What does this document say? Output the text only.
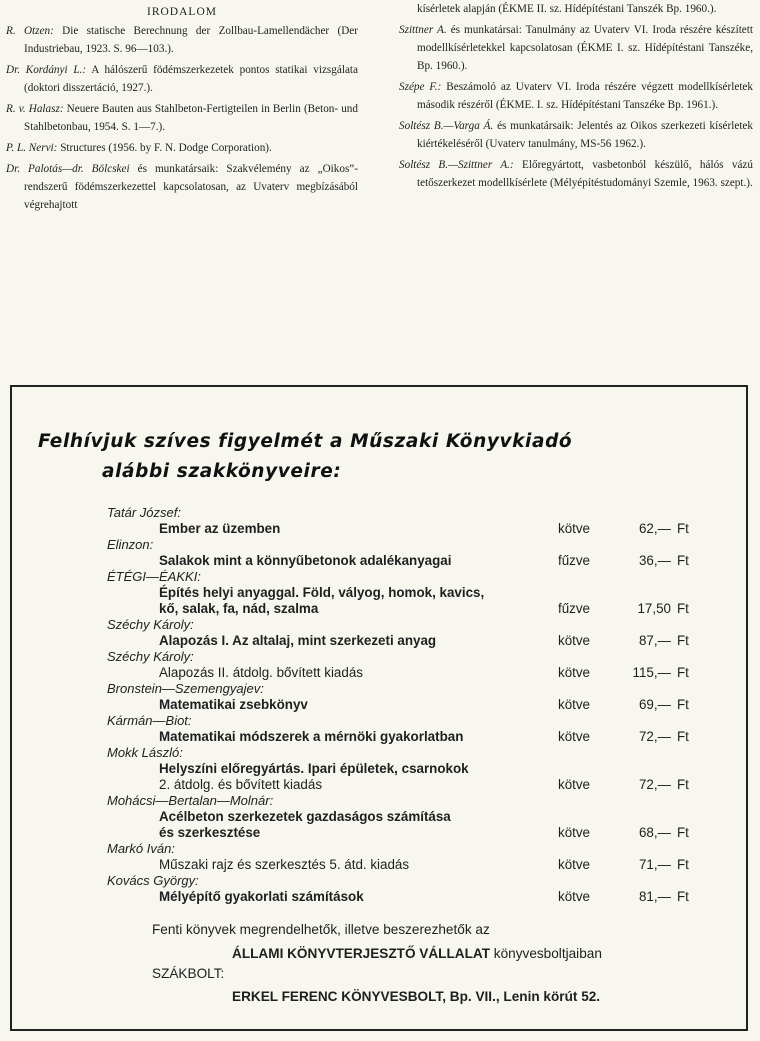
IRODALOM
R. Otzen: Die statische Berechnung der Zollbau-Lamellendächer (Der Industriebau, 1923. S. 96—103.).
Dr. Kordányi L.: A hálószerű födémszerkezetek pontos statikai vizsgálata (doktori disszertáció, 1927.).
R. v. Halasz: Neuere Bauten aus Stahlbeton-Fertigteilen in Berlin (Beton- und Stahlbetonbau, 1954. S. 1—7.).
P. L. Nervi: Structures (1956. by F. N. Dodge Corporation).
Dr. Palotás—dr. Bölcskei és munkatársaik: Szakvélemény az „Oikos”-rendszerű födémszerkezettel kapcsolatosan, az Uvaterv megbízásából végrehajtott
kísérletek alapján (ÉKME II. sz. Hídépítéstani Tanszék Bp. 1960.).
Szittner A. és munkatársai: Tanulmány az Uvaterv VI. Iroda részére készített modellkísérletekkel kapcsolatosan (ÉKME I. sz. Hídépítéstani Tanszéke, Bp. 1960.).
Szépe F.: Beszámoló az Uvaterv VI. Iroda részére végzett modellkísérletek második részéről (ÉKME. I. sz. Hídépítéstani Tanszéke Bp. 1961.).
Soltész B.—Varga Á. és munkatársaik: Jelentés az Oikos szerkezeti kísérletek kiértékeléséről (Uvaterv tanulmány, MS-56 1962.).
Soltész B.—Szittner A.: Előregyártott, vasbetonból készülő, hálós vázú tetőszerkezet modellkísérlete (Mélyépítéstudományi Szemle, 1963. szept.).
Felhívjuk szíves figyelmét a Műszaki Könyvkiadó
alábbi szakkönyveire:
Tatár József:
Ember az üzemben	kötve	62,— Ft
Elinzon:
Salakok mint a könnyűbetonok adalékanyagai	fűzve	36,— Ft
ÉTÉGI—ÉAKKI:
Építés helyi anyaggal. Föld, vályog, homok, kavics,
kő, salak, fa, nád, szalma	fűzve	17,50 Ft
Széchy Károly:
Alapozás I. Az altalaj, mint szerkezeti anyag	kötve	87,— Ft
Széchy Károly:
Alapozás II. átdolg. bővített kiadás	kötve	115,— Ft
Bronstein—Szemengyajev:
Matematikai zsebkönyv	kötve	69,— Ft
Kármán—Biot:
Matematikai módszerek a mérnöki gyakorlatban	kötve	72,— Ft
Mokk László:
Helyszíni előregyártás. Ipari épületek, csarnokok
2. átdolg. és bővített kiadás	kötve	72,— Ft
Mohácsi—Bertalan—Molnár:
Acélbeton szerkezetek gazdaságos számítása
és szerkesztése	kötve	68,— Ft
Markó Iván:
Műszaki rajz és szerkesztés 5. átd. kiadás	kötve	71,— Ft
Kovács György:
Mélyépítő gyakorlati számítások	kötve	81,— Ft
Fenti könyvek megrendelhetők, illetve beszerezhetők az
ÁLLAMI KÖNYVTERJESZTŐ VÁLLALAT könyvesboltjaiban
SZÁKBOLT:
ERKEL FERENC KÖNYVESBOLT, Bp. VII., Lenin körút 52.
